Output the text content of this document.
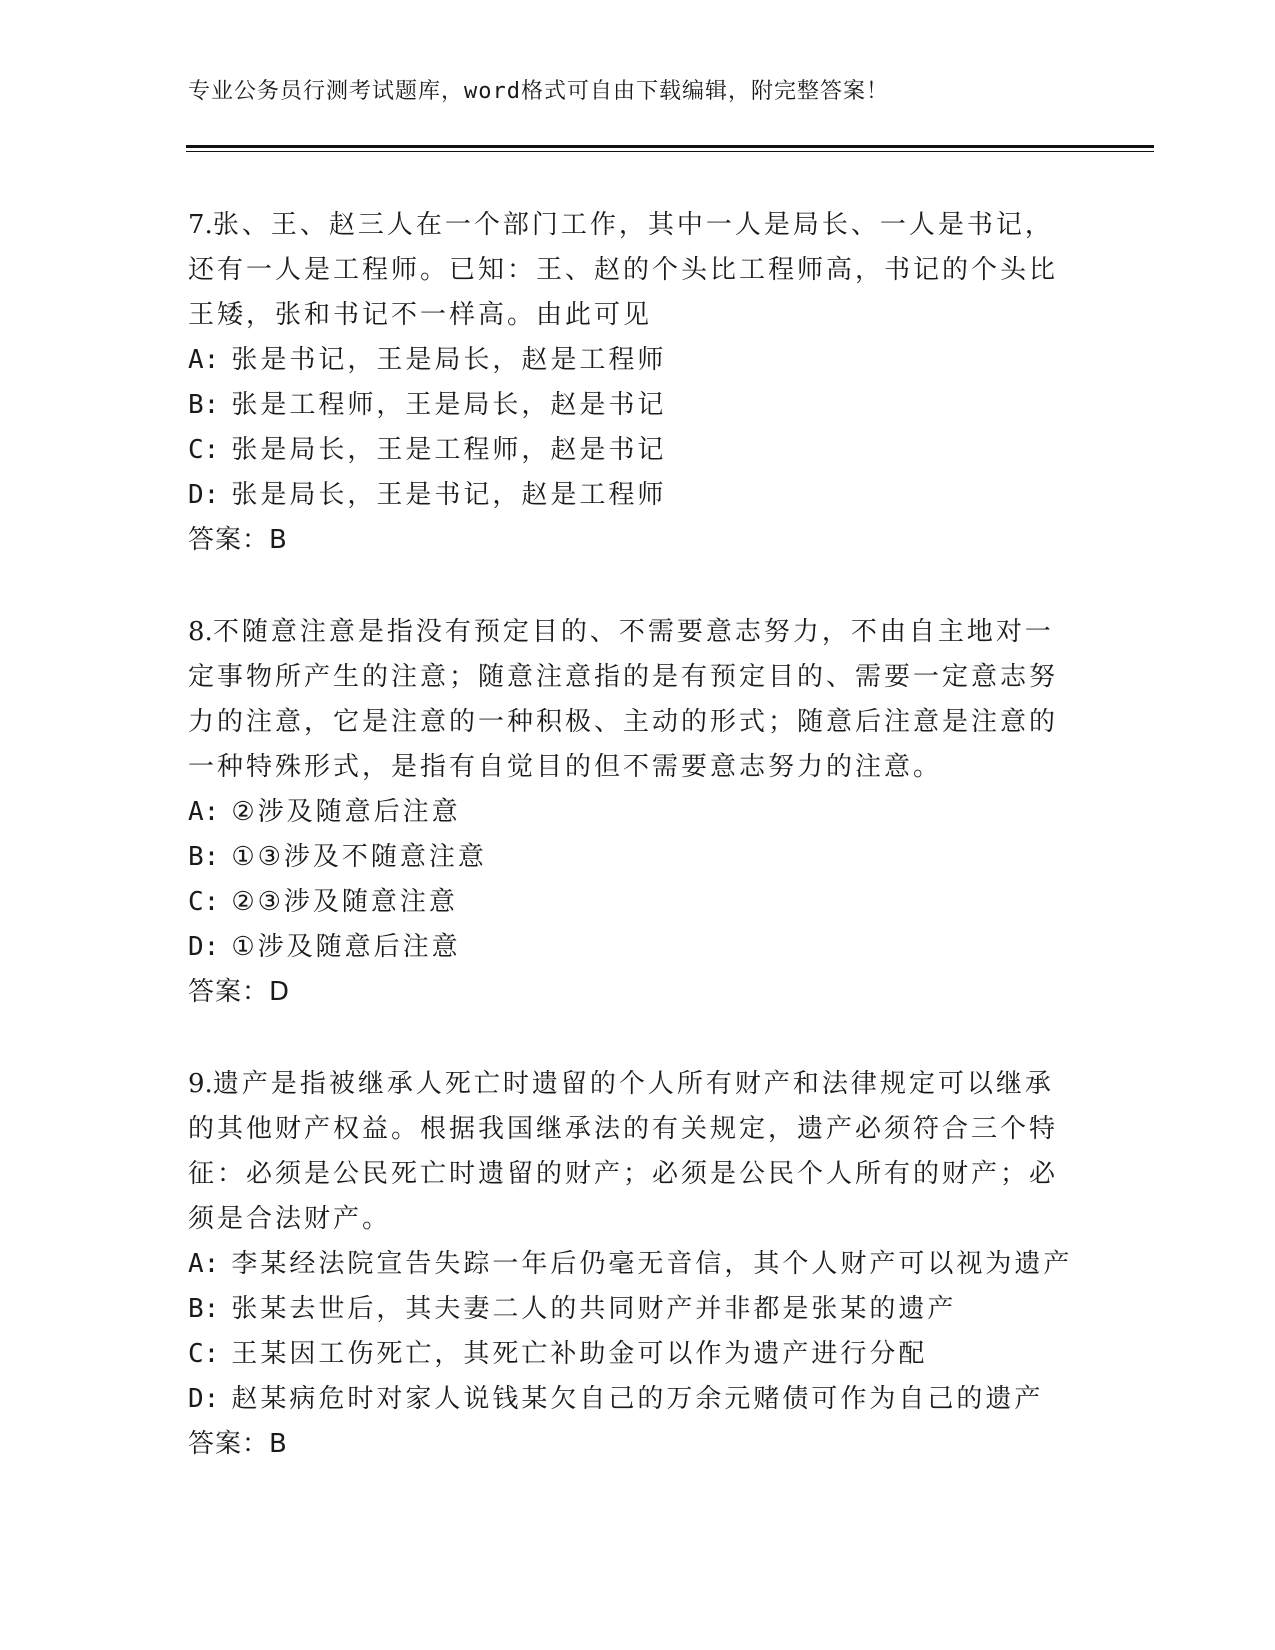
专业公务员行测考试题库，word格式可自由下载编辑，附完整答案！

7.张、王、赵三人在一个部门工作，其中一人是局长、一人是书记，
还有一人是工程师。已知：王、赵的个头比工程师高，书记的个头比
王矮，张和书记不一样高。由此可见

A: 张是书记，王是局长，赵是工程师
B: 张是工程师，王是局长，赵是书记
C: 张是局长，王是工程师，赵是书记
D: 张是局长，王是书记，赵是工程师
答案：B

8.不随意注意是指没有预定目的、不需要意志努力，不由自主地对一
定事物所产生的注意；随意注意指的是有预定目的、需要一定意志努
力的注意，它是注意的一种积极、主动的形式；随意后注意是注意的
一种特殊形式，是指有自觉目的但不需要意志努力的注意。

A: ②涉及随意后注意
B: ①③涉及不随意注意
C: ②③涉及随意注意
D: ①涉及随意后注意
答案：D

9.遗产是指被继承人死亡时遗留的个人所有财产和法律规定可以继承
的其他财产权益。根据我国继承法的有关规定，遗产必须符合三个特
征：必须是公民死亡时遗留的财产；必须是公民个人所有的财产；必
须是合法财产。

A: 李某经法院宣告失踪一年后仍毫无音信，其个人财产可以视为遗产
B: 张某去世后，其夫妻二人的共同财产并非都是张某的遗产
C: 王某因工伤死亡，其死亡补助金可以作为遗产进行分配
D: 赵某病危时对家人说钱某欠自己的万余元赌债可作为自己的遗产
答案：B
